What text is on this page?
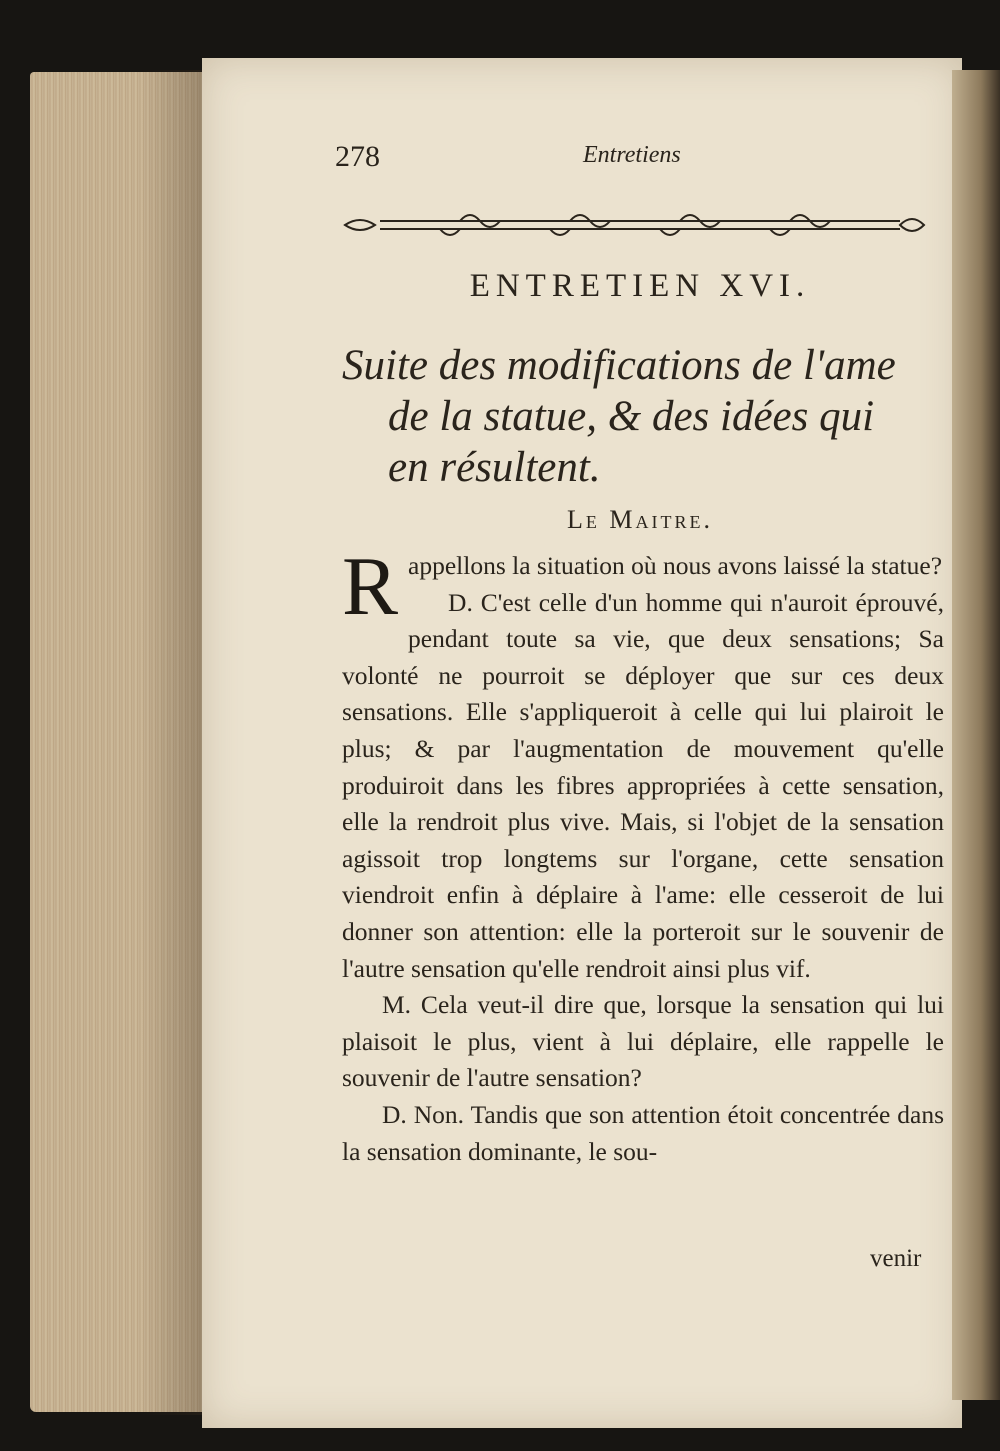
278	Entretiens
ENTRETIEN XVI.
Suite des modifications de l'ame
de la statue, & des idées qui
en résultent.
Le Maitre.

Rappellons la situation où nous avons laissé la statue?

D. C'est celle d'un homme qui n'auroit éprouvé, pendant toute sa vie, que deux sensations; Sa volonté ne pourroit se déployer que sur ces deux sensations. Elle s'appliqueroit à celle qui lui plairoit le plus; & par l'augmentation de mouvement qu'elle produiroit dans les fibres appropriées à cette sensation, elle la rendroit plus vive. Mais, si l'objet de la sensation agissoit trop longtems sur l'organe, cette sensation viendroit enfin à déplaire à l'ame: elle cesseroit de lui donner son attention: elle la porteroit sur le souvenir de l'autre sensation qu'elle rendroit ainsi plus vif.

M. Cela veut-il dire que, lorsque la sensation qui lui plaisoit le plus, vient à lui déplaire, elle rappelle le souvenir de l'autre sensation?

D. Non. Tandis que son attention étoit concentrée dans la sensation dominante, le sou-

venir
